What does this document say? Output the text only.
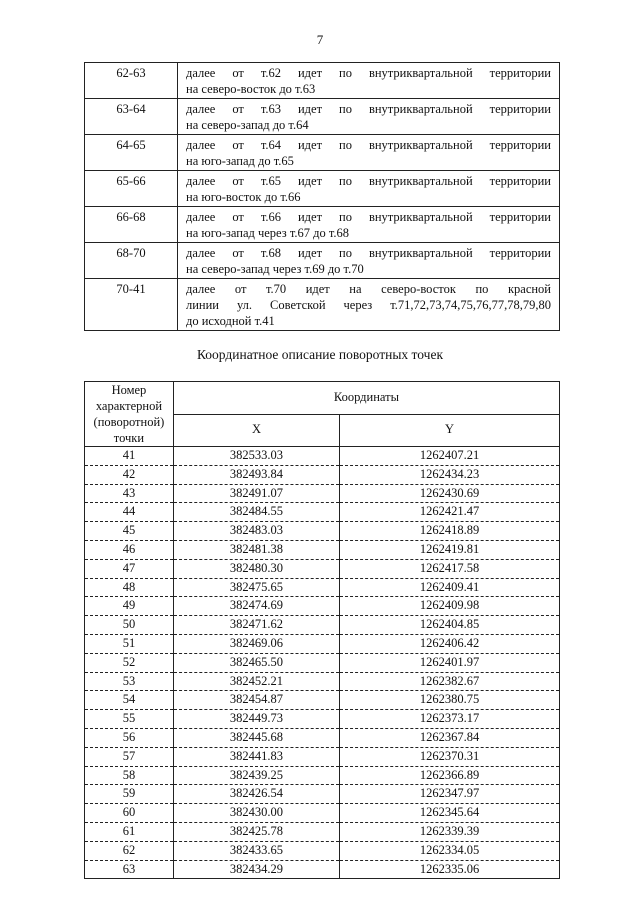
7
62-63	далее от т.62 идет по внутриквартальной территории
на северо-восток до т.63

63-64	далее от т.63 идет по внутриквартальной территории
на северо-запад до т.64

64-65	далее от т.64 идет по внутриквартальной территории
на юго-запад до т.65

65-66	далее от т.65 идет по внутриквартальной территории
на юго-восток до т.66

66-68	далее от т.66 идет по внутриквартальной территории
на юго-запад через т.67 до т.68

68-70	далее от т.68 идет по внутриквартальной территории
на северо-запад через т.69 до т.70

70-41	далее от т.70 идет на северо-восток по красной
линии ул. Советской через т.71,72,73,74,75,76,77,78,79,80
до исходной т.41
Координатное описание поворотных точек
Номер характерной
(поворотной) точки	Координаты	
	X	Y
41	382533.03	1262407.21
42	382493.84	1262434.23
43	382491.07	1262430.69
44	382484.55	1262421.47
45	382483.03	1262418.89
46	382481.38	1262419.81
47	382480.30	1262417.58
48	382475.65	1262409.41
49	382474.69	1262409.98
50	382471.62	1262404.85
51	382469.06	1262406.42
52	382465.50	1262401.97
53	382452.21	1262382.67
54	382454.87	1262380.75
55	382449.73	1262373.17
56	382445.68	1262367.84
57	382441.83	1262370.31
58	382439.25	1262366.89
59	382426.54	1262347.97
60	382430.00	1262345.64
61	382425.78	1262339.39
62	382433.65	1262334.05
63	382434.29	1262335.06
